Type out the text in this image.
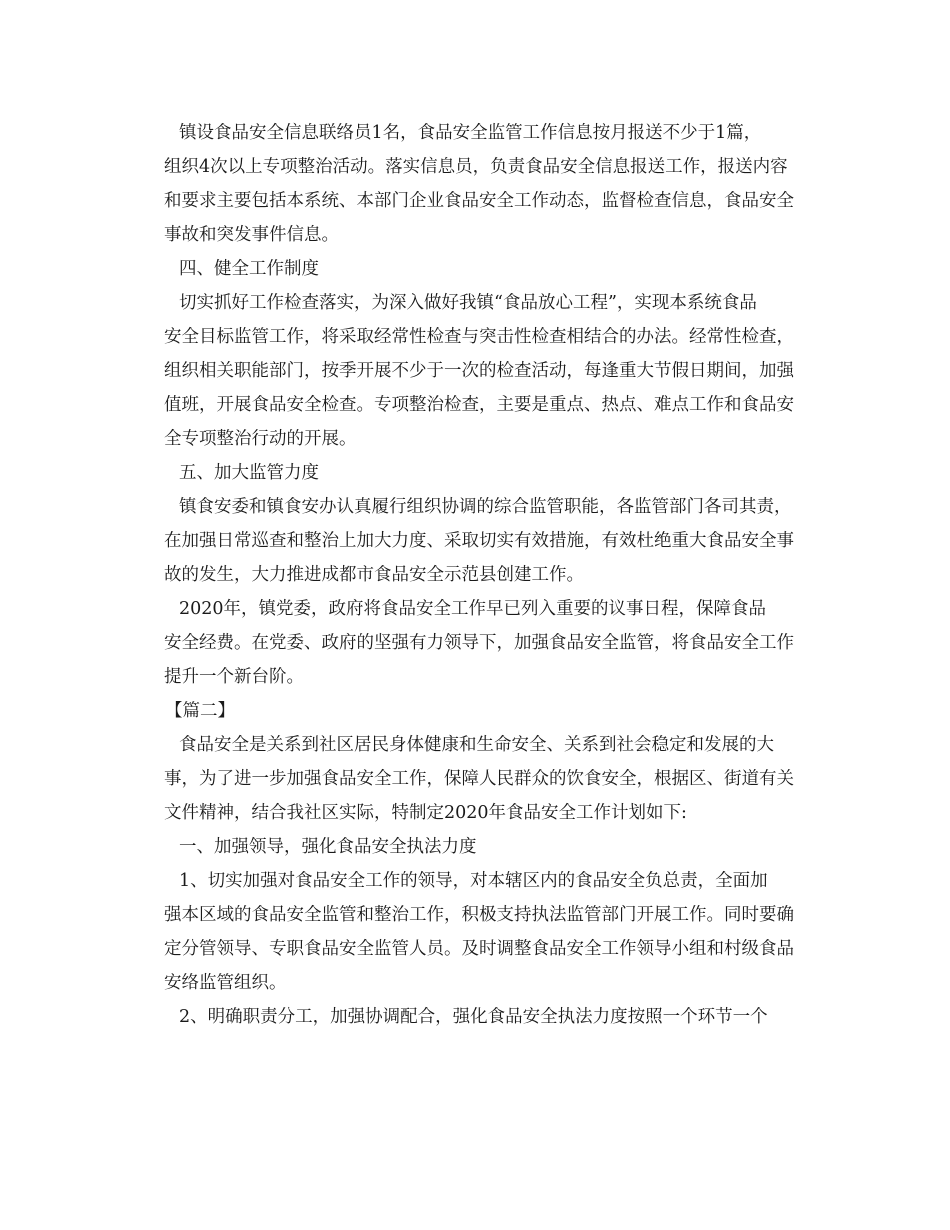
镇设食品安全信息联络员1名，食品安全监管工作信息按月报送不少于1篇，
组织4次以上专项整治活动。落实信息员，负责食品安全信息报送工作，报送内容
和要求主要包括本系统、本部门企业食品安全工作动态，监督检查信息，食品安全
事故和突发事件信息。
四、健全工作制度
切实抓好工作检查落实，为深入做好我镇“食品放心工程”，实现本系统食品
安全目标监管工作，将采取经常性检查与突击性检查相结合的办法。经常性检查，
组织相关职能部门，按季开展不少于一次的检查活动，每逢重大节假日期间，加强
值班，开展食品安全检查。专项整治检查，主要是重点、热点、难点工作和食品安
全专项整治行动的开展。
五、加大监管力度
镇食安委和镇食安办认真履行组织协调的综合监管职能，各监管部门各司其责，
在加强日常巡查和整治上加大力度、采取切实有效措施，有效杜绝重大食品安全事
故的发生，大力推进成都市食品安全示范县创建工作。
2020年，镇党委，政府将食品安全工作早已列入重要的议事日程，保障食品
安全经费。在党委、政府的坚强有力领导下，加强食品安全监管，将食品安全工作
提升一个新台阶。
【篇二】
食品安全是关系到社区居民身体健康和生命安全、关系到社会稳定和发展的大
事，为了进一步加强食品安全工作，保障人民群众的饮食安全，根据区、街道有关
文件精神，结合我社区实际，特制定2020年食品安全工作计划如下:
一、加强领导，强化食品安全执法力度
1、切实加强对食品安全工作的领导，对本辖区内的食品安全负总责，全面加
强本区域的食品安全监管和整治工作，积极支持执法监管部门开展工作。同时要确
定分管领导、专职食品安全监管人员。及时调整食品安全工作领导小组和村级食品
安络监管组织。
2、明确职责分工，加强协调配合，强化食品安全执法力度按照一个环节一个
